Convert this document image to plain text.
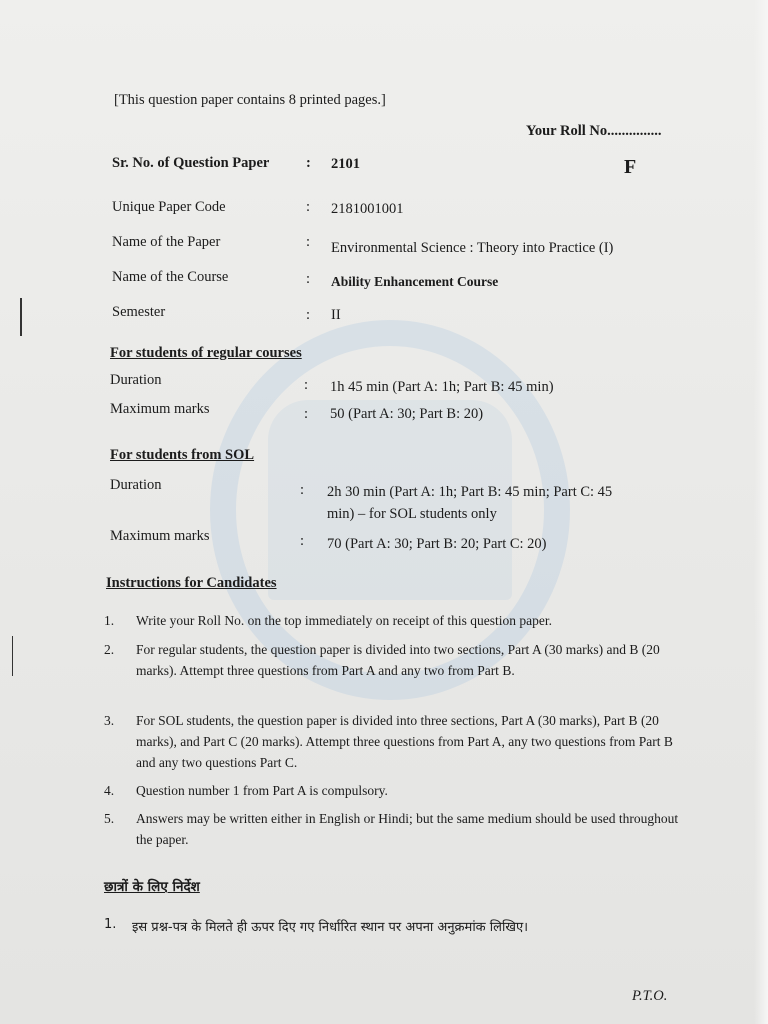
[This question paper contains 8 printed pages.]
Your Roll No...............
F
Sr. No. of Question Paper	: 2101
Unique Paper Code	: 2181001001
Name of the Paper	: Environmental Science : Theory into Practice (I)
Name of the Course	: Ability Enhancement Course
Semester	: II
For students of regular courses
Duration	: 1h 45 min (Part A: 1h; Part B: 45 min)
Maximum marks	: 50 (Part A: 30; Part B: 20)
For students from SOL
Duration	: 2h 30 min (Part A: 1h; Part B: 45 min; Part C: 45
min) – for SOL students only
Maximum marks	: 70 (Part A: 30; Part B: 20; Part C: 20)
Instructions for Candidates
1. Write your Roll No. on the top immediately on receipt of this question paper.
2. For regular students, the question paper is divided into two sections, Part A (30 marks) and B (20 marks). Attempt three questions from Part A and any two from Part B.
3. For SOL students, the question paper is divided into three sections, Part A (30 marks), Part B (20 marks), and Part C (20 marks). Attempt three questions from Part A, any two questions from Part B and any two questions Part C.
4. Question number 1 from Part A is compulsory.
5. Answers may be written either in English or Hindi; but the same medium should be used throughout the paper.
छात्रों के लिए निर्देश
1. इस प्रश्न-पत्र के मिलते ही ऊपर दिए गए निर्धारित स्थान पर अपना अनुक्रमांक लिखिए।
P.T.O.
